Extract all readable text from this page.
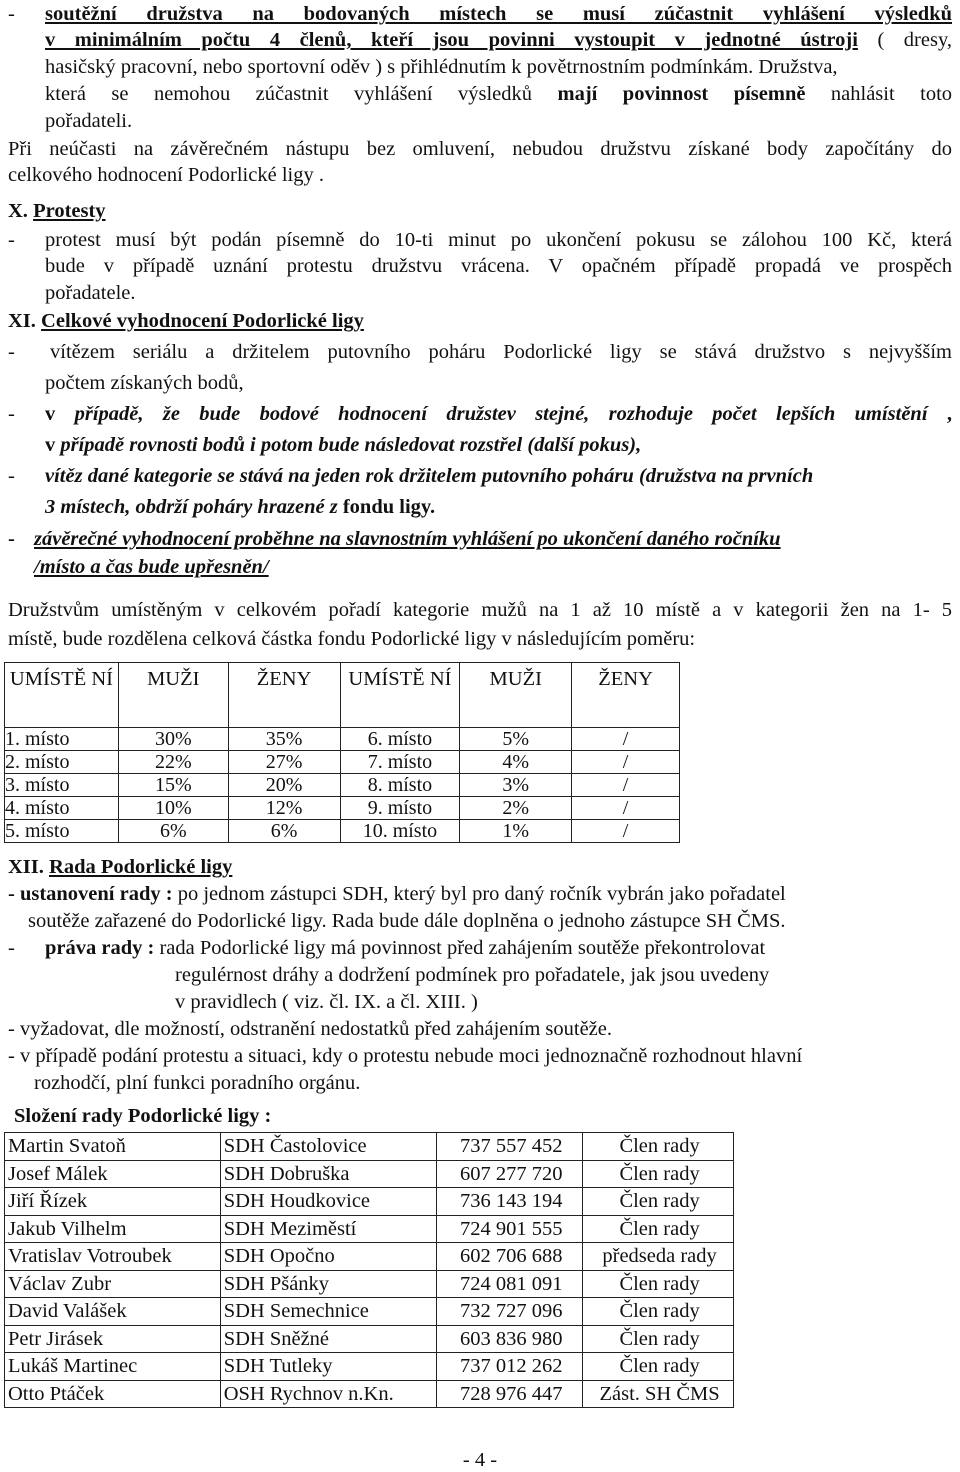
-	soutěžní družstva na bodovaných místech se musí zúčastnit vyhlášení výsledků
v minimálním počtu 4 členů, kteří jsou povinni vystoupit v jednotné ústroji ( dresy,
hasičský pracovní, nebo sportovní oděv ) s přihlédnutím k povětrnostním podmínkám. Družstva,
která se nemohou zúčastnit vyhlášení výsledků mají povinnost písemně nahlásit toto
pořadateli.
Při neúčasti na závěrečném nástupu bez omluvení, nebudou družstvu získané body započítány do
celkového hodnocení Podorlické ligy .
X. Protesty
-	protest musí být podán písemně do 10-ti minut po ukončení pokusu se zálohou 100 Kč, která
bude v případě uznání protestu družstvu vrácena. V opačném případě propadá ve prospěch
pořadatele.
XI. Celkové vyhodnocení Podorlické ligy
-	vítězem seriálu a držitelem putovního poháru Podorlické ligy se stává družstvo s nejvyšším
počtem získaných bodů,
-	v případě, že bude bodové hodnocení družstev stejné, rozhoduje počet lepších umístění ,
v případě rovnosti bodů i potom bude následovat rozstřel (další pokus),
-	vítěz dané kategorie se stává na jeden rok držitelem putovního poháru (družstva na prvních
3 místech, obdrží poháry hrazené z fondu ligy.
- závěrečné vyhodnocení proběhne na slavnostním vyhlášení po ukončení daného ročníku
/místo a čas bude upřesněn/
Družstvům umístěným v celkovém pořadí kategorie mužů na 1 až 10 místě a v kategorii žen na 1- 5
místě, bude rozdělena celková částka fondu Podorlické ligy v následujícím poměru:
UMÍSTĚ NÍ	MUŽI	ŽENY	UMÍSTĚ NÍ	MUŽI	ŽENY
1. místo	30%	35%	6. místo	5%	/
2. místo	22%	27%	7. místo	4%	/
3. místo	15%	20%	8. místo	3%	/
4. místo	10%	12%	9. místo	2%	/
5. místo	6%	6%	10. místo	1%	/
XII. Rada Podorlické ligy
- ustanovení rady : po jednom zástupci SDH, který byl pro daný ročník vybrán jako pořadatel
soutěže zařazené do Podorlické ligy. Rada bude dále doplněna o jednoho zástupce SH ČMS.
-	práva rady : rada Podorlické ligy má povinnost před zahájením soutěže překontrolovat
regulérnost dráhy a dodržení podmínek pro pořadatele, jak jsou uvedeny
v pravidlech ( viz. čl. IX. a čl. XIII. )
- vyžadovat, dle možností, odstranění nedostatků před zahájením soutěže.
- v případě podání protestu a situaci, kdy o protestu nebude moci jednoznačně rozhodnout hlavní
rozhodčí, plní funkci poradního orgánu.
Složení rady Podorlické ligy :
Martin Svatoň	SDH Častolovice	737 557 452	Člen rady
Josef Málek	SDH Dobruška	607 277 720	Člen rady
Jiří Řízek	SDH Houdkovice	736 143 194	Člen rady
Jakub Vilhelm	SDH Meziměstí	724 901 555	Člen rady
Vratislav Votroubek	SDH Opočno	602 706 688	předseda rady
Václav Zubr	SDH Pšánky	724 081 091	Člen rady
David Valášek	SDH Semechnice	732 727 096	Člen rady
Petr Jirásek	SDH Sněžné	603 836 980	Člen rady
Lukáš Martinec	SDH Tutleky	737 012 262	Člen rady
Otto Ptáček	OSH Rychnov n.Kn.	728 976 447	Zást. SH ČMS
- 4 -
